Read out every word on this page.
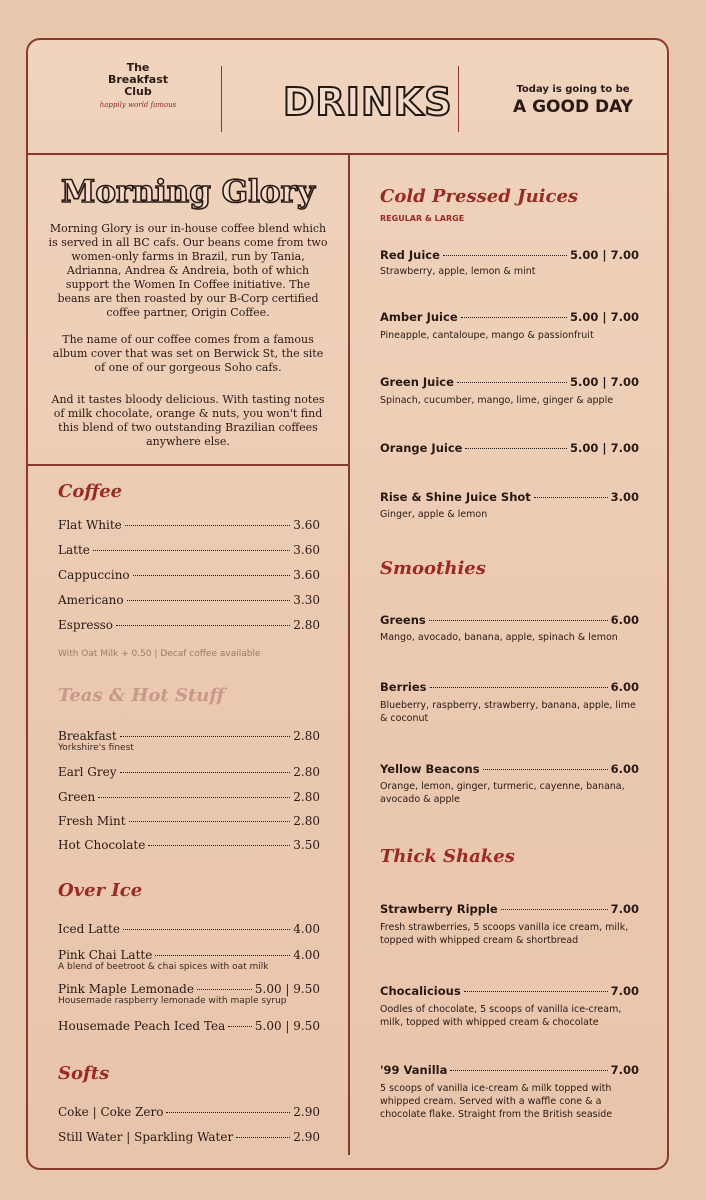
The
Breakfast
Club
happily world famous	DRINKS	Today is going to be
A GOOD DAY
Morning Glory
Morning Glory is our in-house coffee blend which is served in all BC cafs. Our beans come from two women-only farms in Brazil, run by Tania, Adrianna, Andrea & Andreia, both of which support the Women In Coffee initiative. The beans are then roasted by our B-Corp certified coffee partner, Origin Coffee.
The name of our coffee comes from a famous album cover that was set on Berwick St, the site of one of our gorgeous Soho cafs.
And it tastes bloody delicious. With tasting notes of milk chocolate, orange & nuts, you won't find this blend of two outstanding Brazilian coffees anywhere else.
Coffee
Flat White	3.60
Latte	3.60
Cappuccino	3.60
Americano	3.30
Espresso	2.80
With Oat Milk + 0.50 | Decaf coffee available
Teas & Hot Stuff
Breakfast	2.80
Yorkshire's finest
Earl Grey	2.80
Green	2.80
Fresh Mint	2.80
Hot Chocolate	3.50
Over Ice
Iced Latte	4.00
Pink Chai Latte	4.00
A blend of beetroot & chai spices with oat milk
Pink Maple Lemonade	5.00 | 9.50
Housemade raspberry lemonade with maple syrup
Housemade Peach Iced Tea 5.00 | 9.50
Softs
Coke | Coke Zero	2.90
Still Water | Sparkling Water	2.90
Cold Pressed Juices
REGULAR & LARGE
Red Juice	5.00 | 7.00
Strawberry, apple, lemon & mint
Amber Juice	5.00 | 7.00
Pineapple, cantaloupe, mango & passionfruit
Green Juice	5.00 | 7.00
Spinach, cucumber, mango, lime, ginger & apple
Orange Juice	5.00 | 7.00
Rise & Shine Juice Shot	3.00
Ginger, apple & lemon
Smoothies
Greens	6.00
Mango, avocado, banana, apple, spinach & lemon
Berries	6.00
Blueberry, raspberry, strawberry, banana, apple, lime & coconut
Yellow Beacons	6.00
Orange, lemon, ginger, turmeric, cayenne, banana, avocado & apple
Thick Shakes
Strawberry Ripple	7.00
Fresh strawberries, 5 scoops vanilla ice cream, milk, topped with whipped cream & shortbread
Chocalicious	7.00
Oodles of chocolate, 5 scoops of vanilla ice-cream, milk, topped with whipped cream & chocolate
'99 Vanilla	7.00
5 scoops of vanilla ice-cream & milk topped with whipped cream. Served with a waffle cone & a chocolate flake. Straight from the British seaside
